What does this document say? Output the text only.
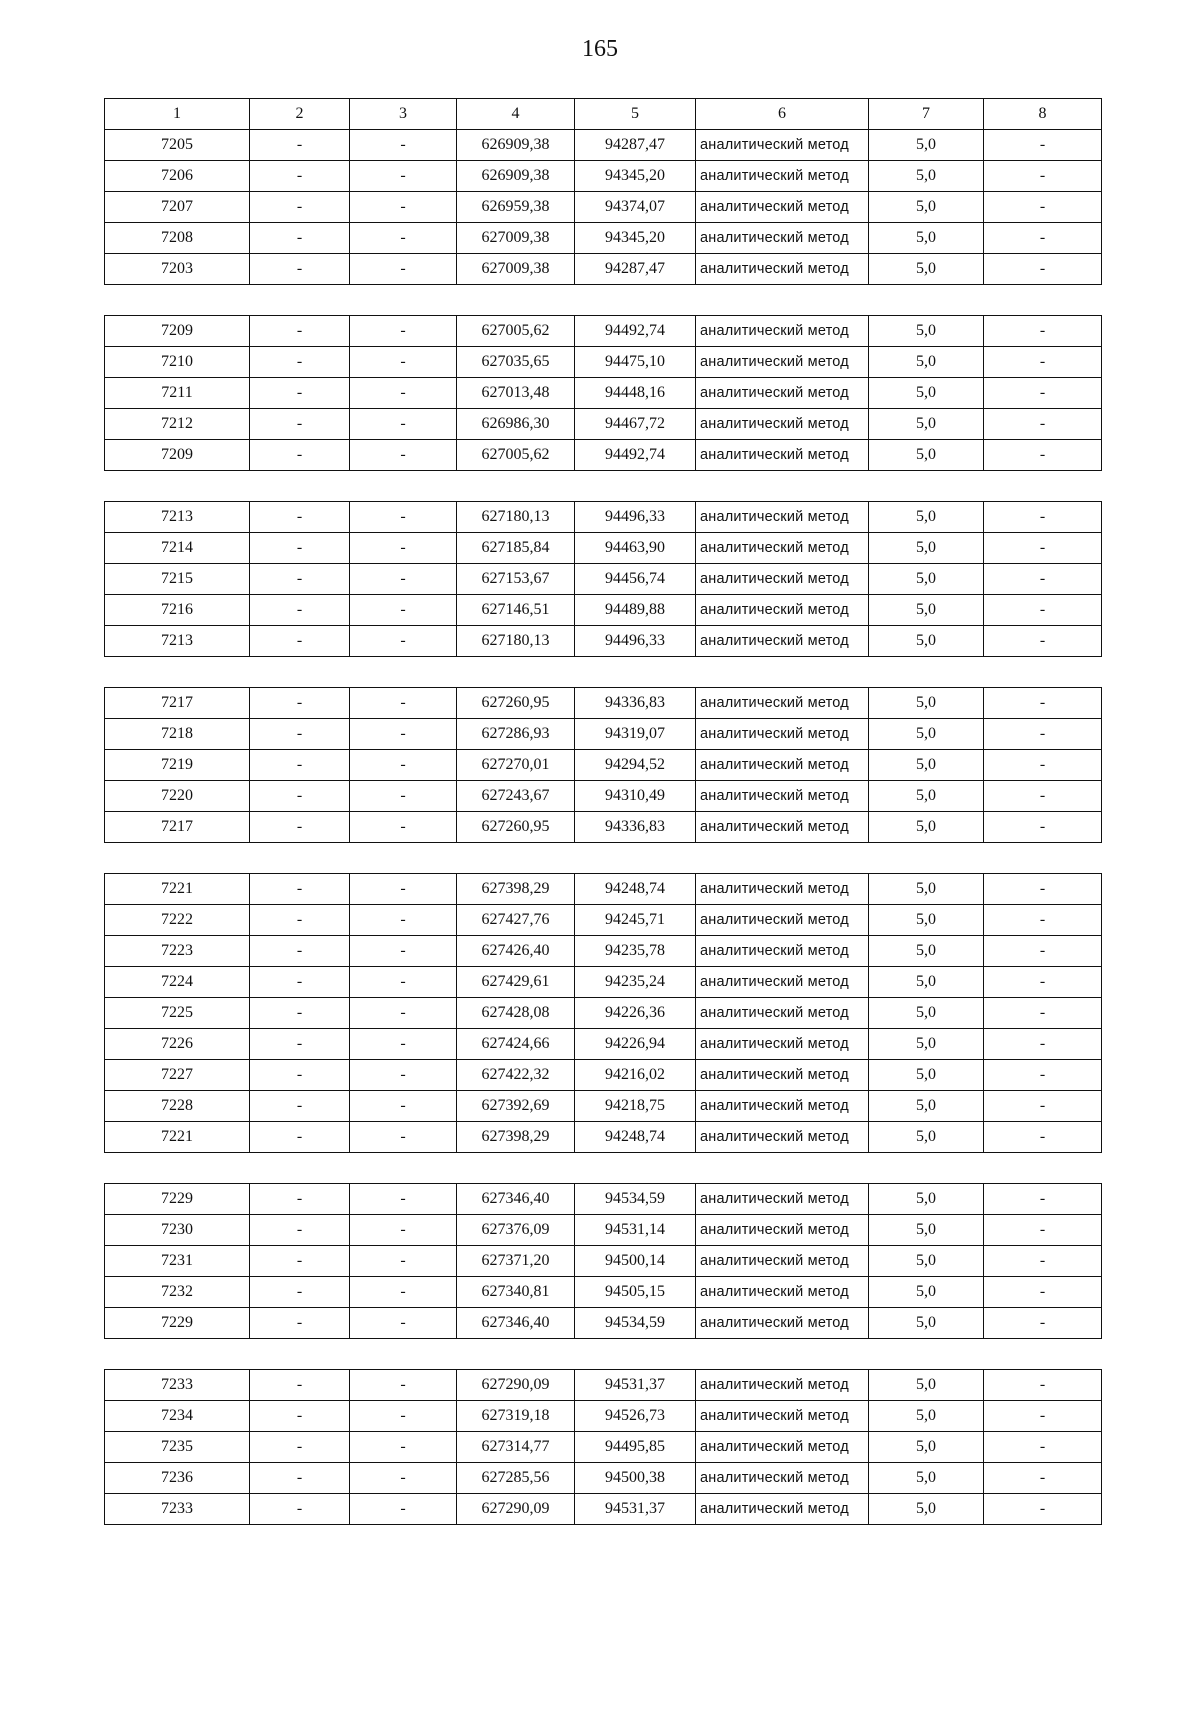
165
1	2	3	4	5	6	7	8
7205	-	-	626909,38	94287,47	аналитический метод	5,0	-
7206	-	-	626909,38	94345,20	аналитический метод	5,0	-
7207	-	-	626959,38	94374,07	аналитический метод	5,0	-
7208	-	-	627009,38	94345,20	аналитический метод	5,0	-
7203	-	-	627009,38	94287,47	аналитический метод	5,0	-
7209	-	-	627005,62	94492,74	аналитический метод	5,0	-
7210	-	-	627035,65	94475,10	аналитический метод	5,0	-
7211	-	-	627013,48	94448,16	аналитический метод	5,0	-
7212	-	-	626986,30	94467,72	аналитический метод	5,0	-
7209	-	-	627005,62	94492,74	аналитический метод	5,0	-
7213	-	-	627180,13	94496,33	аналитический метод	5,0	-
7214	-	-	627185,84	94463,90	аналитический метод	5,0	-
7215	-	-	627153,67	94456,74	аналитический метод	5,0	-
7216	-	-	627146,51	94489,88	аналитический метод	5,0	-
7213	-	-	627180,13	94496,33	аналитический метод	5,0	-
7217	-	-	627260,95	94336,83	аналитический метод	5,0	-
7218	-	-	627286,93	94319,07	аналитический метод	5,0	-
7219	-	-	627270,01	94294,52	аналитический метод	5,0	-
7220	-	-	627243,67	94310,49	аналитический метод	5,0	-
7217	-	-	627260,95	94336,83	аналитический метод	5,0	-
7221	-	-	627398,29	94248,74	аналитический метод	5,0	-
7222	-	-	627427,76	94245,71	аналитический метод	5,0	-
7223	-	-	627426,40	94235,78	аналитический метод	5,0	-
7224	-	-	627429,61	94235,24	аналитический метод	5,0	-
7225	-	-	627428,08	94226,36	аналитический метод	5,0	-
7226	-	-	627424,66	94226,94	аналитический метод	5,0	-
7227	-	-	627422,32	94216,02	аналитический метод	5,0	-
7228	-	-	627392,69	94218,75	аналитический метод	5,0	-
7221	-	-	627398,29	94248,74	аналитический метод	5,0	-
7229	-	-	627346,40	94534,59	аналитический метод	5,0	-
7230	-	-	627376,09	94531,14	аналитический метод	5,0	-
7231	-	-	627371,20	94500,14	аналитический метод	5,0	-
7232	-	-	627340,81	94505,15	аналитический метод	5,0	-
7229	-	-	627346,40	94534,59	аналитический метод	5,0	-
7233	-	-	627290,09	94531,37	аналитический метод	5,0	-
7234	-	-	627319,18	94526,73	аналитический метод	5,0	-
7235	-	-	627314,77	94495,85	аналитический метод	5,0	-
7236	-	-	627285,56	94500,38	аналитический метод	5,0	-
7233	-	-	627290,09	94531,37	аналитический метод	5,0	-
